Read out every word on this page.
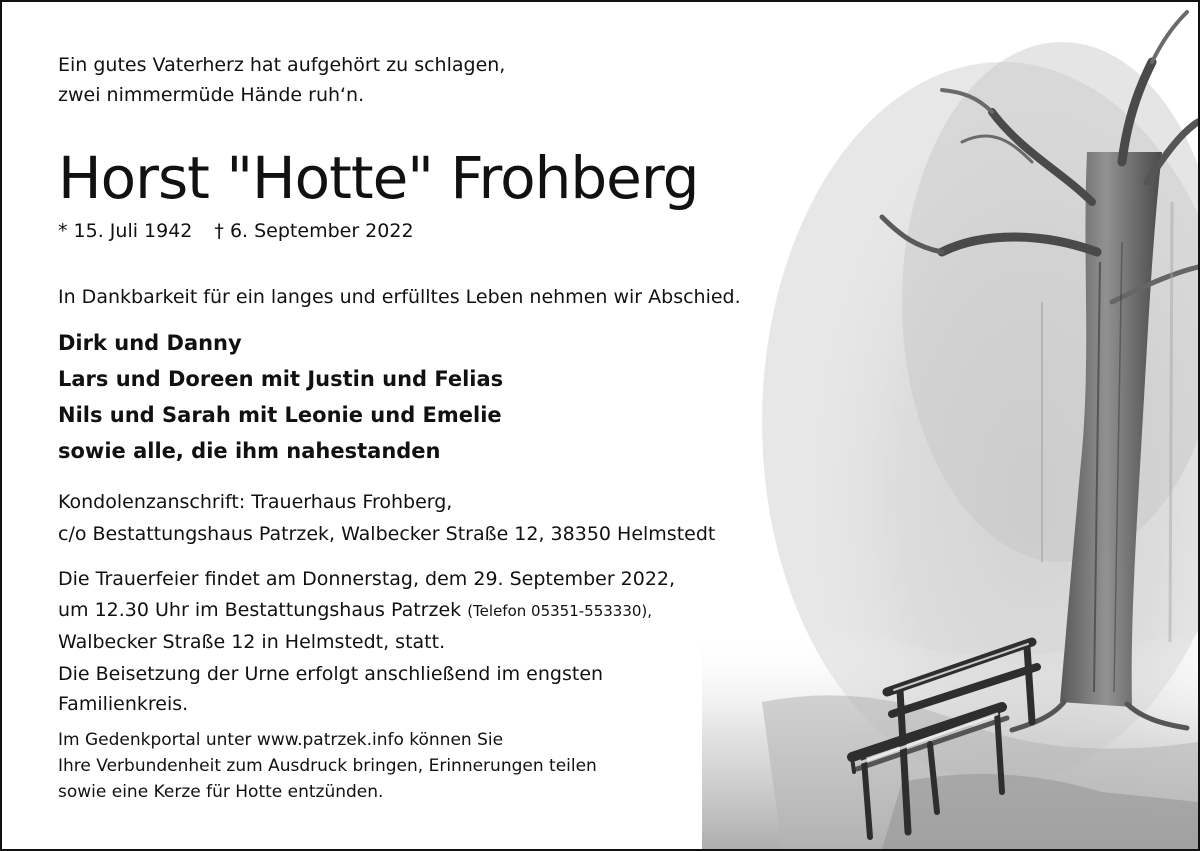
Ein gutes Vaterherz hat aufgehört zu schlagen,
zwei nimmermüde Hände ruh‘n.
Horst "Hotte" Frohberg
* 15. Juli 1942 † 6. September 2022
In Dankbarkeit für ein langes und erfülltes Leben nehmen wir Abschied.
Dirk und Danny
Lars und Doreen mit Justin und Felias
Nils und Sarah mit Leonie und Emelie
sowie alle, die ihm nahestanden
Kondolenzanschrift: Trauerhaus Frohberg,
c/o Bestattungshaus Patrzek, Walbecker Straße 12, 38350 Helmstedt
Die Trauerfeier findet am Donnerstag, dem 29. September 2022,
um 12.30 Uhr im Bestattungshaus Patrzek (Telefon 05351-553330),
Walbecker Straße 12 in Helmstedt, statt.
Die Beisetzung der Urne erfolgt anschließend im engsten
Familienkreis.
Im Gedenkportal unter www.patrzek.info können Sie
Ihre Verbundenheit zum Ausdruck bringen, Erinnerungen teilen
sowie eine Kerze für Hotte entzünden.
